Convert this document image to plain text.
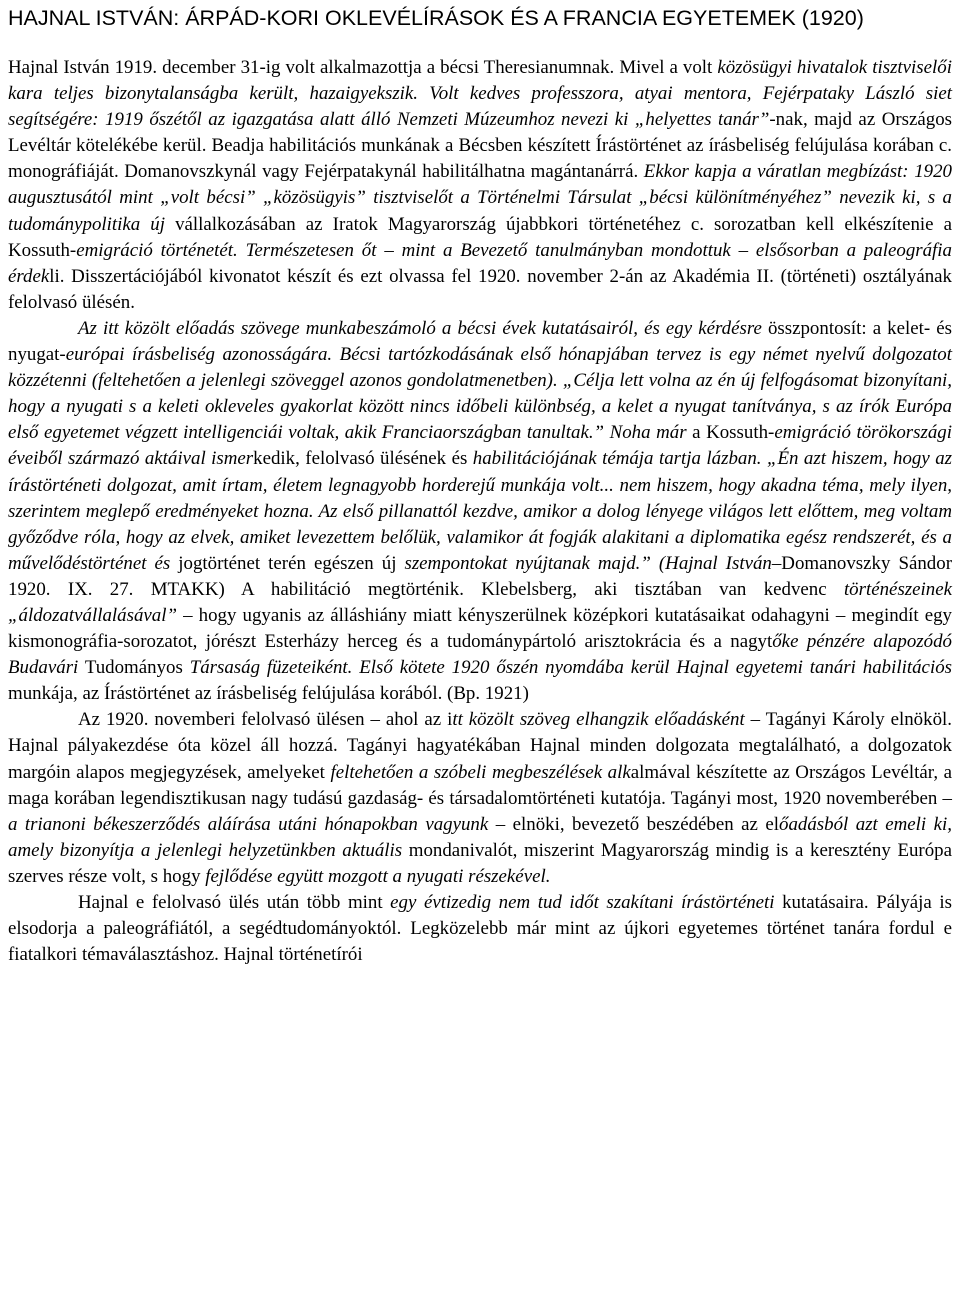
HAJNAL ISTVÁN: ÁRPÁD-KORI OKLEVÉLÍRÁSOK ÉS A FRANCIA EGYETEMEK (1920)

Hajnal István 1919. december 31-ig volt alkalmazottja a bécsi Theresianumnak. Mivel a volt közösügyi hivatalok tisztviselői kara teljes bizonytalanságba került, hazaigyekszik. Volt kedves professzora, atyai mentora, Fejérpataky László siet segítségére: 1919 őszétől az igazgatása alatt álló Nemzeti Múzeumhoz nevezi ki „helyettes tanár”-nak, majd az Országos Levéltár kötelékébe kerül. Beadja habilitációs munkának a Bécsben készített Írástörténet az írásbeliség felújulása korában c. monográfiáját. Domanovszkynál vagy Fejérpatakynál habilitálhatna magántanárrá. Ekkor kapja a váratlan megbízást: 1920 augusztusától mint „volt bécsi” „közösügyis” tisztviselőt a Történelmi Társulat „bécsi különítményéhez” nevezik ki, s a tudománypolitika új vállalkozásában az Iratok Magyarország újabbkori történetéhez c. sorozatban kell elkészítenie a Kossuth-emigráció történetét. Természetesen őt – mint a Bevezető tanulmányban mondottuk – elsősorban a paleográfia érdekli. Disszertációjából kivonatot készít és ezt olvassa fel 1920. november 2-án az Akadémia II. (történeti) osztályának felolvasó ülésén.

Az itt közölt előadás szövege munkabeszámoló a bécsi évek kutatásairól, és egy kérdésre összpontosít: a kelet- és nyugat-európai írásbeliség azonosságára. Bécsi tartózkodásának első hónapjában tervez is egy német nyelvű dolgozatot közzétenni (feltehetően a jelenlegi szöveggel azonos gondolatmenetben). „Célja lett volna az én új felfogásomat bizonyítani, hogy a nyugati s a keleti okleveles gyakorlat között nincs időbeli különbség, a kelet a nyugat tanítványa, s az írók Európa első egyetemet végzett intelligenciái voltak, akik Franciaországban tanultak.” Noha már a Kossuth-emigráció törökországi éveiből származó aktáival ismerkedik, felolvasó ülésének és habilitációjának témája tartja lázban. „Én azt hiszem, hogy az írástörténeti dolgozat, amit írtam, életem legnagyobb horderejű munkája volt... nem hiszem, hogy akadna téma, mely ilyen, szerintem meglepő eredményeket hozna. Az első pillanattól kezdve, amikor a dolog lényege világos lett előttem, meg voltam győződve róla, hogy az elvek, amiket levezettem belőlük, valamikor át fogják alakitani a diplomatika egész rendszerét, és a művelődéstörténet és jogtörténet terén egészen új szempontokat nyújtanak majd.” (Hajnal István–Domanovszky Sándor 1920. IX. 27. MTAKK) A habilitáció megtörténik. Klebelsberg, aki tisztában van kedvenc történészeinek „áldozatvállalásával” – hogy ugyanis az álláshiány miatt kényszerülnek középkori kutatásaikat odahagyni – megindít egy kismonográfia-sorozatot, jórészt Esterházy herceg és a tudománypártoló arisztokrácia és a nagytőke pénzére alapozódó Budavári Tudományos Társaság füzeteiként. Első kötete 1920 őszén nyomdába kerül Hajnal egyetemi tanári habilitációs munkája, az Írástörténet az írásbeliség felújulása korából. (Bp. 1921)

Az 1920. novemberi felolvasó ülésen – ahol az itt közölt szöveg elhangzik előadásként – Tagányi Károly elnököl. Hajnal pályakezdése óta közel áll hozzá. Tagányi hagyatékában Hajnal minden dolgozata megtalálható, a dolgozatok margóin alapos megjegyzések, amelyeket feltehetően a szóbeli megbeszélések alkalmával készítette az Országos Levéltár, a maga korában legendisztikusan nagy tudású gazdaság- és társadalomtörténeti kutatója. Tagányi most, 1920 novemberében – a trianoni békeszerződés aláírása utáni hónapokban vagyunk – elnöki, bevezető beszédében az előadásból azt emeli ki, amely bizonyítja a jelenlegi helyzetünkben aktuális mondanivalót, miszerint Magyarország mindig is a keresztény Európa szerves része volt, s hogy fejlődése együtt mozgott a nyugati részekével.

Hajnal e felolvasó ülés után több mint egy évtizedig nem tud időt szakítani írástörténeti kutatásaira. Pályája is elsodorja a paleográfiától, a segédtudományoktól. Legközelebb már mint az újkori egyetemes történet tanára fordul e fiatalkori témaválasztáshoz. Hajnal történetírói
